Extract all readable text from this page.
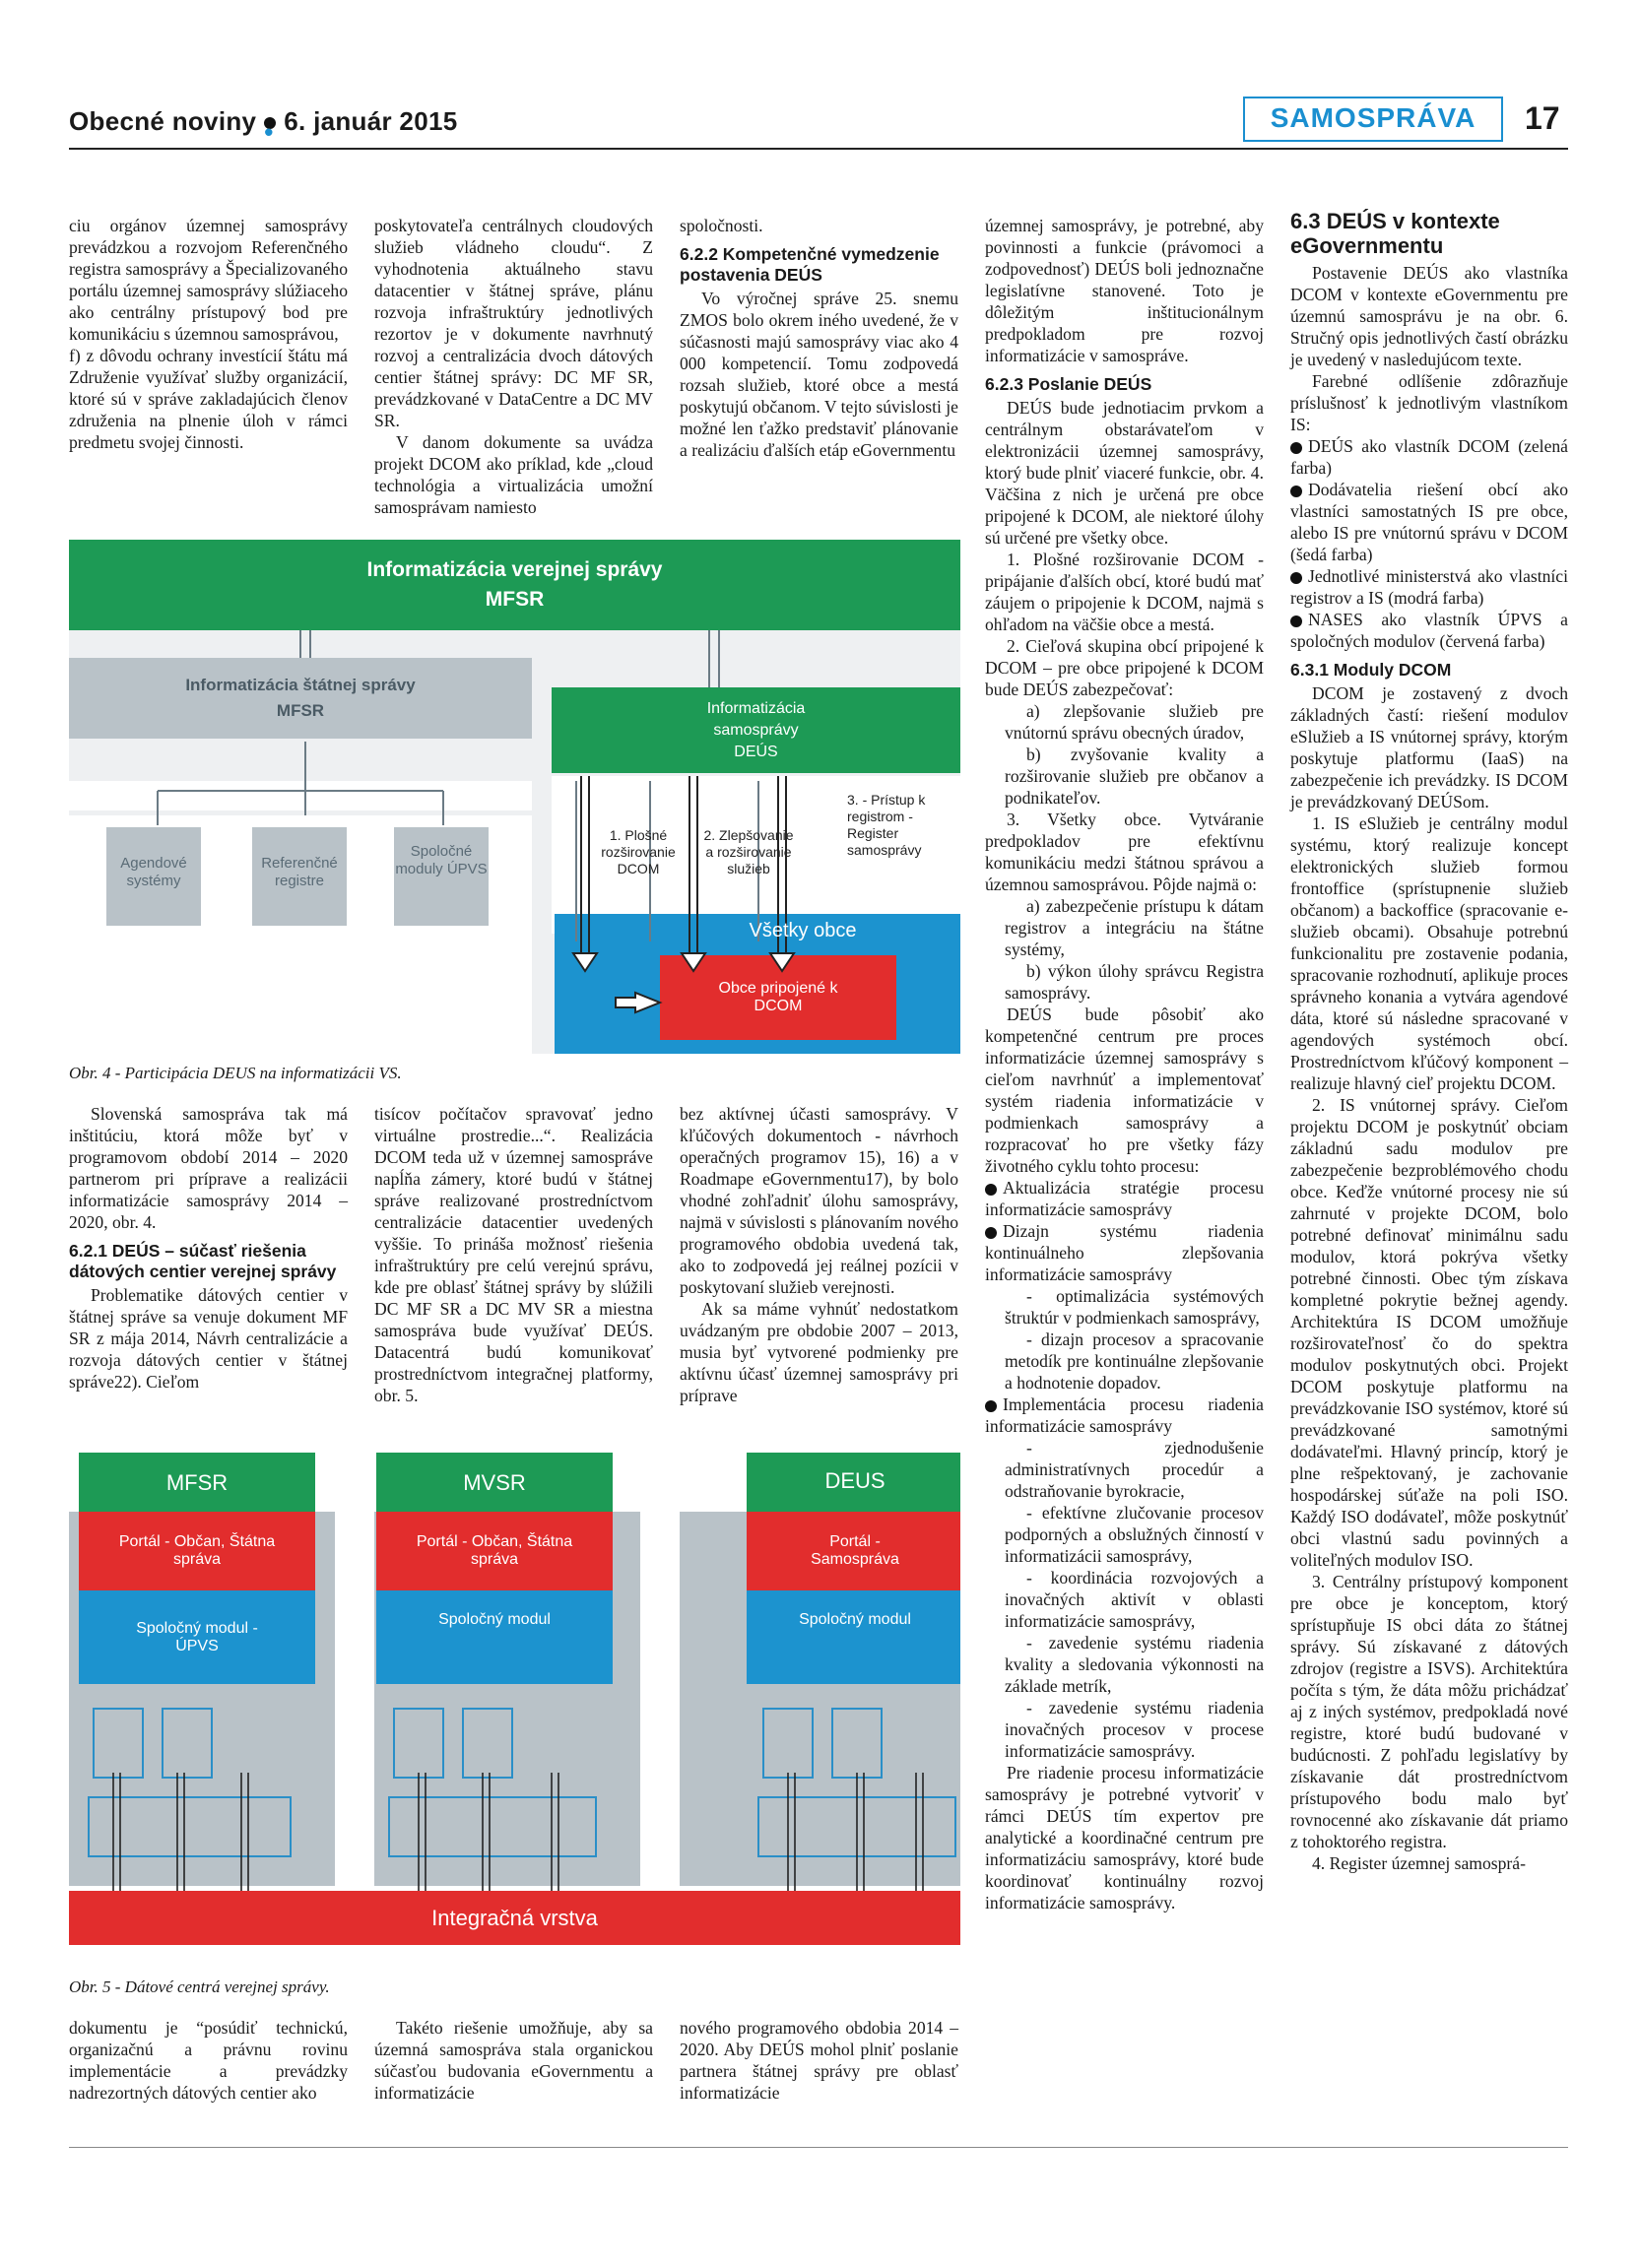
Obecné noviny • 6. január 2015	SAMOSPRÁVA	17

ciu orgánov územnej samosprávy prevádzkou a rozvojom Referenčného registra samosprávy a Špecializovaného portálu územnej samosprávy slúžiaceho ako centrálny prístupový bod pre komunikáciu s územnou samosprávou,

f) z dôvodu ochrany investícií štátu má Združenie využívať služby organizácií, ktoré sú v správe zakladajúcich členov združenia na plnenie úloh v rámci predmetu svojej činnosti.

poskytovateľa centrálnych cloudových služieb vládneho cloudu“. Z vyhodnotenia aktuálneho stavu datacentier v štátnej správe, plánu rozvoja infraštruktúry jednotlivých rezortov je v dokumente navrhnutý rozvoj a centralizácia dvoch dátových centier štátnej správy: DC MF SR, prevádzkované v DataCentre a DC MV SR.

V danom dokumente sa uvádza projekt DCOM ako príklad, kde „cloud technológia a virtualizácia umožní samosprávam namiesto

spoločnosti.

6.2.2 Kompetenčné vymedzenie postavenia DEÚS

Vo výročnej správe 25. snemu ZMOS bolo okrem iného uvedené, že v súčasnosti majú samosprávy viac ako 4 000 kompetencií. Tomu zodpovedá rozsah služieb, ktoré obce a mestá poskytujú občanom. V tejto súvislosti je možné len ťažko predstaviť plánovanie a realizáciu ďalších etáp eGovernmentu

Informatizácia verejnej správy
MFSR
Informatizácia štátnej správy
MFSR	Informatizácia
samosprávy
DEÚS
Agendové systémy
Referenčné registre
Spoločné moduly ÚPVS
1. Plošné rozširovanie DCOM
2. Zlepšovanie a rozširovanie služieb
3. - Prístup k registrom - Register samosprávy
Všetky obce
Obce pripojené k DCOM
Obr. 4 - Participácia DEUS na informatizácii VS.

Slovenská samospráva tak má inštitúciu, ktorá môže byť v programovom období 2014 – 2020 partnerom pri príprave a realizácii informatizácie samosprávy 2014 – 2020, obr. 4.

6.2.1 DEÚS – súčasť riešenia dátových centier verejnej správy

Problematike dátových centier v štátnej správe sa venuje dokument MF SR z mája 2014, Návrh centralizácie a rozvoja dátových centier v štátnej správe22). Cieľom

tisícov počítačov spravovať jedno virtuálne prostredie...“. Realizácia DCOM teda už v územnej samospráve napĺňa zámery, ktoré budú v štátnej správe realizované prostredníctvom centralizácie datacentier uvedených vyššie. To prináša možnosť riešenia infraštruktúry pre celú verejnú správu, kde pre oblasť štátnej správy by slúžili DC MF SR a DC MV SR a miestna samospráva bude využívať DEÚS. Datacentrá budú komunikovať prostredníctvom integračnej platformy, obr. 5.

bez aktívnej účasti samosprávy. V kľúčových dokumentoch - návrhoch operačných programov 15), 16) a v Roadmape eGovernmentu17), by bolo vhodné zohľadniť úlohu samosprávy, najmä v súvislosti s plánovaním nového programového obdobia uvedená tak, ako to zodpovedá jej reálnej pozícii v poskytovaní služieb verejnosti.

Ak sa máme vyhnúť nedostatkom uvádzaným pre obdobie 2007 – 2013, musia byť vytvorené podmienky pre aktívnu účasť územnej samosprávy pri príprave

MFSR	MVSR	DEUS
Portál - Občan, Štátna správa
Portál - Občan, Štátna správa
Portál - Samospráva
Spoločný modul - ÚPVS
Spoločný modul	Spoločný modul
Integračná vrstva
Obr. 5 - Dátové centrá verejnej správy.

dokumentu je “posúdiť technickú, organizačnú a právnu rovinu implementácie a prevádzky nadrezortných dátových centier ako

Takéto riešenie umožňuje, aby sa územná samospráva stala organickou súčasťou budovania eGovernmentu a informatizácie

nového programového obdobia 2014 – 2020. Aby DEÚS mohol plniť poslanie partnera štátnej správy pre oblasť informatizácie

územnej samosprávy, je potrebné, aby povinnosti a funkcie (právomoci a zodpovednosť) DEÚS boli jednoznačne legislatívne stanovené. Toto je dôležitým inštitucionálnym predpokladom pre rozvoj informatizácie v samospráve.

6.2.3 Poslanie DEÚS

DEÚS bude jednotiacim prvkom a centrálnym obstarávateľom v elektronizácii územnej samosprávy, ktorý bude plniť viaceré funkcie, obr. 4. Väčšina z nich je určená pre obce pripojené k DCOM, ale niektoré úlohy sú určené pre všetky obce.

1. Plošné rozširovanie DCOM - pripájanie ďalších obcí, ktoré budú mať záujem o pripojenie k DCOM, najmä s ohľadom na väčšie obce a mestá.

2. Cieľová skupina obcí pripojené k DCOM – pre obce pripojené k DCOM bude DEÚS zabezpečovať:

a) zlepšovanie služieb pre vnútornú správu obecných úradov,

b) zvyšovanie kvality a rozširovanie služieb pre občanov a podnikateľov.

3. Všetky obce. Vytváranie predpokladov pre efektívnu komunikáciu medzi štátnou správou a územnou samosprávou. Pôjde najmä o:

a) zabezpečenie prístupu k dátam registrov a integráciu na štátne systémy,

b) výkon úlohy správcu Registra samosprávy.

DEÚS bude pôsobiť ako kompetenčné centrum pre proces informatizácie územnej samosprávy s cieľom navrhnúť a implementovať systém riadenia informatizácie v podmienkach samosprávy a rozpracovať ho pre všetky fázy životného cyklu tohto procesu:

Aktualizácia stratégie procesu informatizácie samosprávy

Dizajn systému riadenia kontinuálneho zlepšovania informatizácie samosprávy

- optimalizácia systémových štruktúr v podmienkach samosprávy,

- dizajn procesov a spracovanie metodík pre kontinuálne zlepšovanie a hodnotenie dopadov.

Implementácia procesu riadenia informatizácie samosprávy

- zjednodušenie administratívnych procedúr a odstraňovanie byrokracie,

- efektívne zlučovanie procesov podporných a obslužných činností v informatizácii samosprávy,

- koordinácia rozvojových a inovačných aktivít v oblasti informatizácie samosprávy,

- zavedenie systému riadenia kvality a sledovania výkonnosti na základe metrík,

- zavedenie systému riadenia inovačných procesov v procese informatizácie samosprávy.

Pre riadenie procesu informatizácie samosprávy je potrebné vytvoriť v rámci DEÚS tím expertov pre analytické a koordinačné centrum pre informatizáciu samosprávy, ktoré bude koordinovať kontinuálny rozvoj informatizácie samosprávy.

6.3 DEÚS v kontexte eGovernmentu

Postavenie DEÚS ako vlastníka DCOM v kontexte eGovernmentu pre územnú samosprávu je na obr. 6. Stručný opis jednotlivých častí obrázku je uvedený v nasledujúcom texte.

Farebné odlíšenie zdôrazňuje príslušnosť k jednotlivým vlastníkom IS:

DEÚS ako vlastník DCOM (zelená farba)

Dodávatelia riešení obcí ako vlastníci samostatných IS pre obce, alebo IS pre vnútornú správu v DCOM (šedá farba)

Jednotlivé ministerstvá ako vlastníci registrov a IS (modrá farba)

NASES ako vlastník ÚPVS a spoločných modulov (červená farba)

6.3.1 Moduly DCOM

DCOM je zostavený z dvoch základných častí: riešení modulov eSlužieb a IS vnútornej správy, ktorým poskytuje platformu (IaaS) na zabezpečenie ich prevádzky. IS DCOM je prevádzkovaný DEÚSom.

1. IS eSlužieb je centrálny modul systému, ktorý realizuje koncept elektronických služieb formou frontoffice (sprístupnenie služieb občanom) a backoffice (spracovanie e-služieb obcami). Obsahuje potrebnú funkcionalitu pre zostavenie podania, spracovanie rozhodnutí, aplikuje proces správneho konania a vytvára agendové dáta, ktoré sú následne spracované v agendových systémoch obcí. Prostredníctvom kľúčový komponent – realizuje hlavný cieľ projektu DCOM.

2. IS vnútornej správy. Cieľom projektu DCOM je poskytnúť obciam základnú sadu modulov pre zabezpečenie bezproblémového chodu obce. Keďže vnútorné procesy nie sú zahrnuté v projekte DCOM, bolo potrebné definovať minimálnu sadu modulov, ktorá pokrýva všetky potrebné činnosti. Obec tým získava kompletné pokrytie bežnej agendy. Architektúra IS DCOM umožňuje rozširovateľnosť čo do spektra modulov poskytnutých obci. Projekt DCOM poskytuje platformu na prevádzkovanie ISO systémov, ktoré sú prevádzkované samotnými dodávateľmi. Hlavný princíp, ktorý je plne rešpektovaný, je zachovanie hospodárskej súťaže na poli ISO. Každý ISO dodávateľ, môže poskytnúť obci vlastnú sadu povinných a voliteľných modulov ISO.

3. Centrálny prístupový komponent pre obce je konceptom, ktorý sprístupňuje IS obci dáta zo štátnej správy. Sú získavané z dátových zdrojov (registre a ISVS). Architektúra počíta s tým, že dáta môžu prichádzať aj z iných systémov, predpokladá nové registre, ktoré budú budované v budúcnosti. Z pohľadu legislatívy by získavanie dát prostredníctvom prístupového bodu malo byť rovnocenné ako získavanie dát priamo z tohoktorého registra.

4. Register územnej samosprá-
